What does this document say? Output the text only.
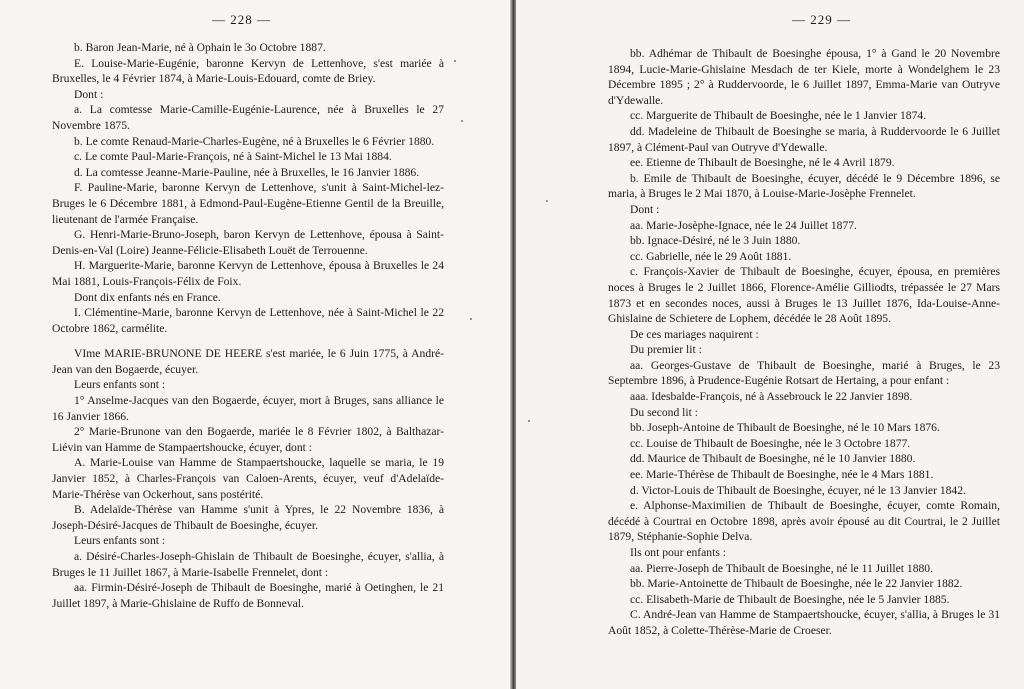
— 228 —

b. Baron Jean-Marie, né à Ophain le 3o Octobre 1887.

E. Louise-Marie-Eugénie, baronne Kervyn de Lettenhove, s'est mariée à Bruxelles, le 4 Février 1874, à Marie-Louis-Edouard, comte de Briey.

Dont :

a. La comtesse Marie-Camille-Eugénie-Laurence, née à Bruxelles le 27 Novembre 1875.

b. Le comte Renaud-Marie-Charles-Eugène, né à Bruxelles le 6 Février 1880.

c. Le comte Paul-Marie-François, né à Saint-Michel le 13 Mai 1884.

d. La comtesse Jeanne-Marie-Pauline, née à Bruxelles, le 16 Janvier 1886.

F. Pauline-Marie, baronne Kervyn de Lettenhove, s'unit à Saint-Michel-lez-Bruges le 6 Décembre 1881, à Edmond-Paul-Eugène-Etienne Gentil de la Breuille, lieutenant de l'armée Française.

G. Henri-Marie-Bruno-Joseph, baron Kervyn de Lettenhove, épousa à Saint-Denis-en-Val (Loire) Jeanne-Félicie-Elisabeth Louët de Terrouenne.

H. Marguerite-Marie, baronne Kervyn de Lettenhove, épousa à Bruxelles le 24 Mai 1881, Louis-François-Félix de Foix.

Dont dix enfants nés en France.

I. Clémentine-Marie, baronne Kervyn de Lettenhove, née à Saint-Michel le 22 Octobre 1862, carmélite.

VIme MARIE-BRUNONE DE HEERE s'est mariée, le 6 Juin 1775, à André-Jean van den Bogaerde, écuyer.

Leurs enfants sont :

1° Anselme-Jacques van den Bogaerde, écuyer, mort à Bruges, sans alliance le 16 Janvier 1866.

2° Marie-Brunone van den Bogaerde, mariée le 8 Février 1802, à Balthazar-Liévin van Hamme de Stampaertshoucke, écuyer, dont :

A. Marie-Louise van Hamme de Stampaertshoucke, laquelle se maria, le 19 Janvier 1852, à Charles-François van Caloen-Arents, écuyer, veuf d'Adelaïde-Marie-Thérèse van Ockerhout, sans postérité.

B. Adelaïde-Thérèse van Hamme s'unit à Ypres, le 22 Novembre 1836, à Joseph-Désiré-Jacques de Thibault de Boesinghe, écuyer.

Leurs enfants sont :

a. Désiré-Charles-Joseph-Ghislain de Thibault de Boesinghe, écuyer, s'allia, à Bruges le 11 Juillet 1867, à Marie-Isabelle Frennelet, dont :

aa. Firmin-Désiré-Joseph de Thibault de Boesinghe, marié à Oetinghen, le 21 Juillet 1897, à Marie-Ghislaine de Ruffo de Bonneval.

— 229 —

bb. Adhémar de Thibault de Boesinghe épousa, 1° à Gand le 20 Novembre 1894, Lucie-Marie-Ghislaine Mesdach de ter Kiele, morte à Wondelghem le 23 Décembre 1895 ; 2° à Ruddervoorde, le 6 Juillet 1897, Emma-Marie van Outryve d'Ydewalle.

cc. Marguerite de Thibault de Boesinghe, née le 1 Janvier 1874.

dd. Madeleine de Thibault de Boesinghe se maria, à Ruddervoorde le 6 Juillet 1897, à Clément-Paul van Outryve d'Ydewalle.

ee. Etienne de Thibault de Boesinghe, né le 4 Avril 1879.

b. Emile de Thibault de Boesinghe, écuyer, décédé le 9 Décembre 1896, se maria, à Bruges le 2 Mai 1870, à Louise-Marie-Josèphe Frennelet.

Dont :

aa. Marie-Josèphe-Ignace, née le 24 Juillet 1877.

bb. Ignace-Désiré, né le 3 Juin 1880.

cc. Gabrielle, née le 29 Août 1881.

c. François-Xavier de Thibault de Boesinghe, écuyer, épousa, en premières noces à Bruges le 2 Juillet 1866, Florence-Amélie Gilliodts, trépassée le 27 Mars 1873 et en secondes noces, aussi à Bruges le 13 Juillet 1876, Ida-Louise-Anne-Ghislaine de Schietere de Lophem, décédée le 28 Août 1895.

De ces mariages naquirent :

Du premier lit :

aa. Georges-Gustave de Thibault de Boesinghe, marié à Bruges, le 23 Septembre 1896, à Prudence-Eugénie Rotsart de Hertaing, a pour enfant :

aaa. Idesbalde-François, né à Assebrouck le 22 Janvier 1898.

Du second lit :

bb. Joseph-Antoine de Thibault de Boesinghe, né le 10 Mars 1876.

cc. Louise de Thibault de Boesinghe, née le 3 Octobre 1877.

dd. Maurice de Thibault de Boesinghe, né le 10 Janvier 1880.

ee. Marie-Thérèse de Thibault de Boesinghe, née le 4 Mars 1881.

d. Victor-Louis de Thibault de Boesinghe, écuyer, né le 13 Janvier 1842.

e. Alphonse-Maximilien de Thibault de Boesinghe, écuyer, comte Romain, décédé à Courtrai en Octobre 1898, après avoir épousé au dit Courtrai, le 2 Juillet 1879, Stéphanie-Sophie Delva.

Ils ont pour enfants :

aa. Pierre-Joseph de Thibault de Boesinghe, né le 11 Juillet 1880.

bb. Marie-Antoinette de Thibault de Boesinghe, née le 22 Janvier 1882.

cc. Elisabeth-Marie de Thibault de Boesinghe, née le 5 Janvier 1885.

C. André-Jean van Hamme de Stampaertshoucke, écuyer, s'allia, à Bruges le 31 Août 1852, à Colette-Thérèse-Marie de Croeser.
